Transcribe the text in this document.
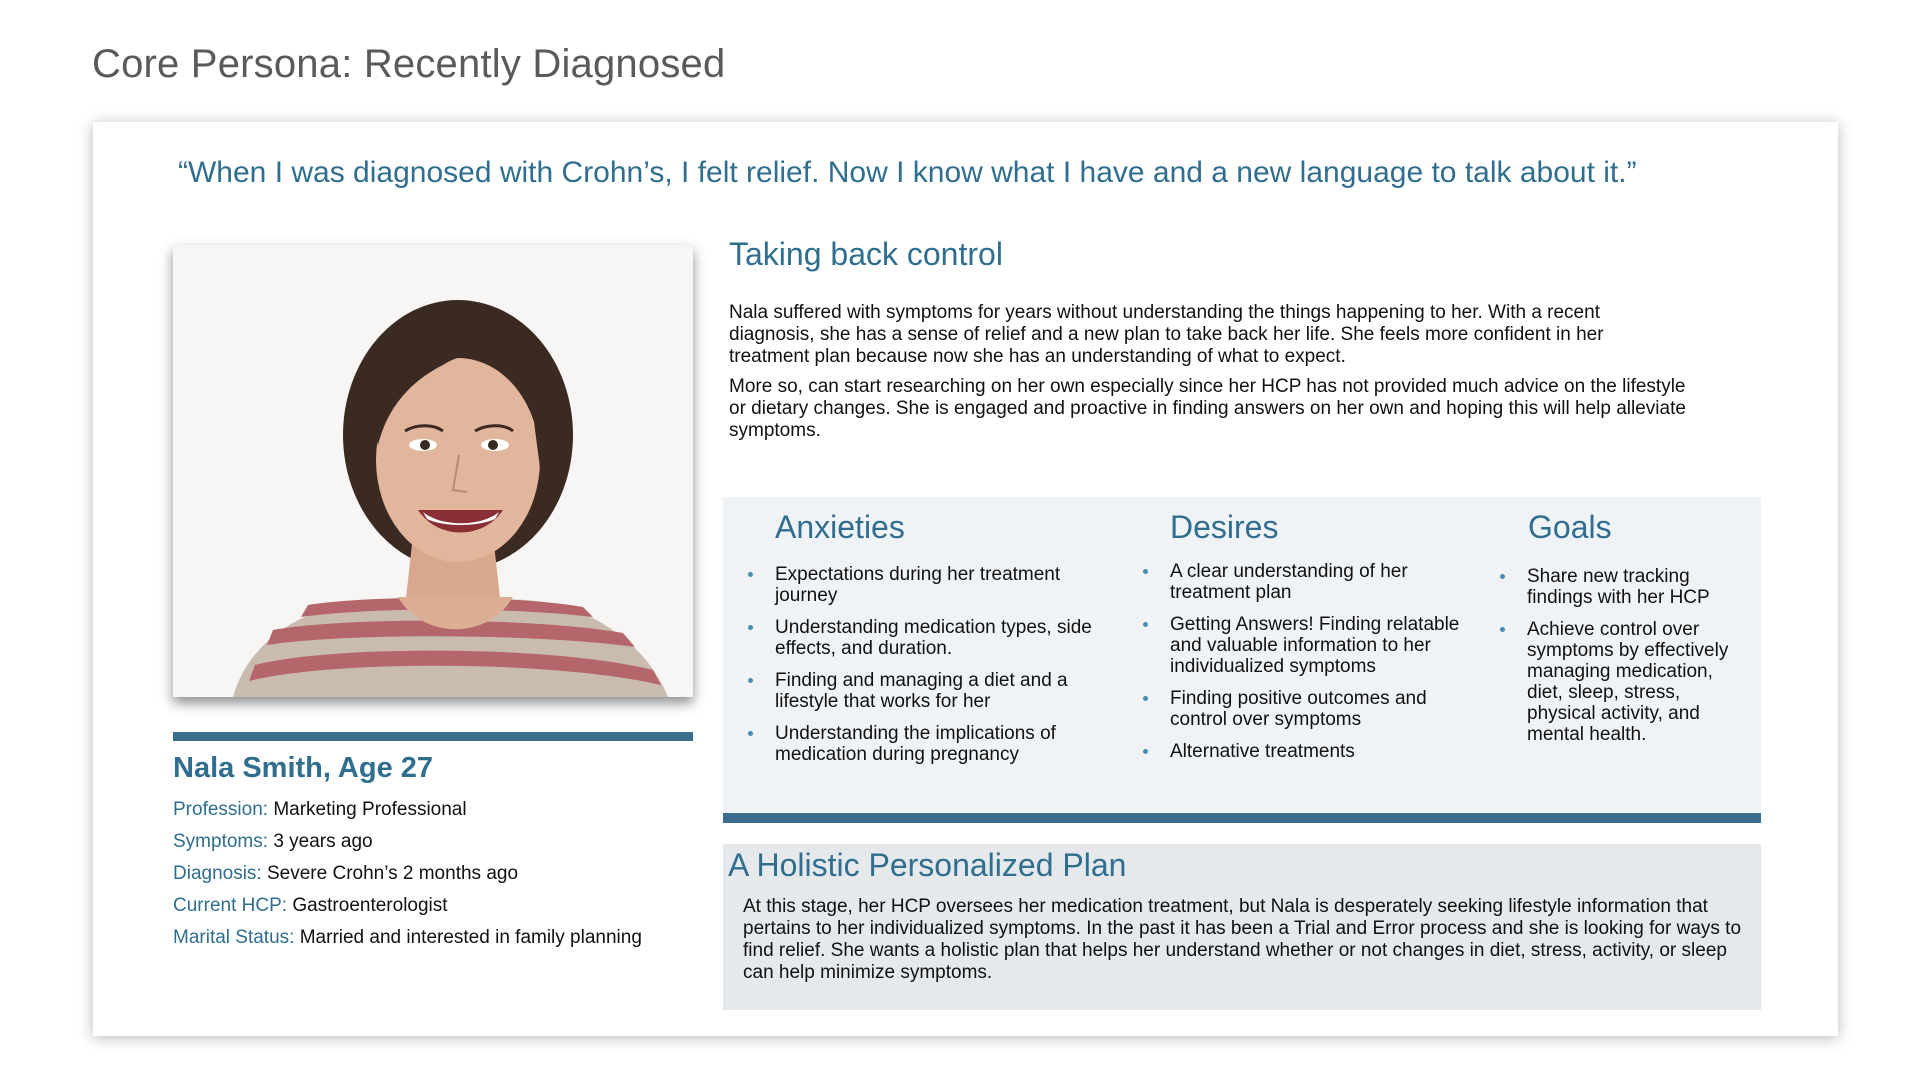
Core Persona: Recently Diagnosed

“When I was diagnosed with Crohn’s, I felt relief. Now I know what I have and a new language to talk about it.”

Nala Smith, Age 27
Profession: Marketing Professional
Symptoms: 3 years ago
Diagnosis: Severe Crohn’s 2 months ago
Current HCP: Gastroenterologist
Marital Status: Married and interested in family planning
Taking back control

Nala suffered with symptoms for years without understanding the things happening to her. With a recent diagnosis, she has a sense of relief and a new plan to take back her life. She feels more confident in her treatment plan because now she has an understanding of what to expect.

More so, can start researching on her own especially since her HCP has not provided much advice on the lifestyle or dietary changes. She is engaged and proactive in finding answers on her own and hoping this will help alleviate symptoms.

Anxieties
Expectations during her treatment journey
Understanding medication types, side effects, and duration.
Finding and managing a diet and a lifestyle that works for her
Understanding the implications of medication during pregnancy
Desires
A clear understanding of her treatment plan
Getting Answers! Finding relatable and valuable information to her individualized symptoms
Finding positive outcomes and control over symptoms
Alternative treatments
Goals
Share new tracking findings with her HCP
Achieve control over symptoms by effectively managing medication, diet, sleep, stress, physical activity, and mental health.
A Holistic Personalized Plan

At this stage, her HCP oversees her medication treatment, but Nala is desperately seeking lifestyle information that pertains to her individualized symptoms. In the past it has been a Trial and Error process and she is looking for ways to find relief. She wants a holistic plan that helps her understand whether or not changes in diet, stress, activity, or sleep can help minimize symptoms.
